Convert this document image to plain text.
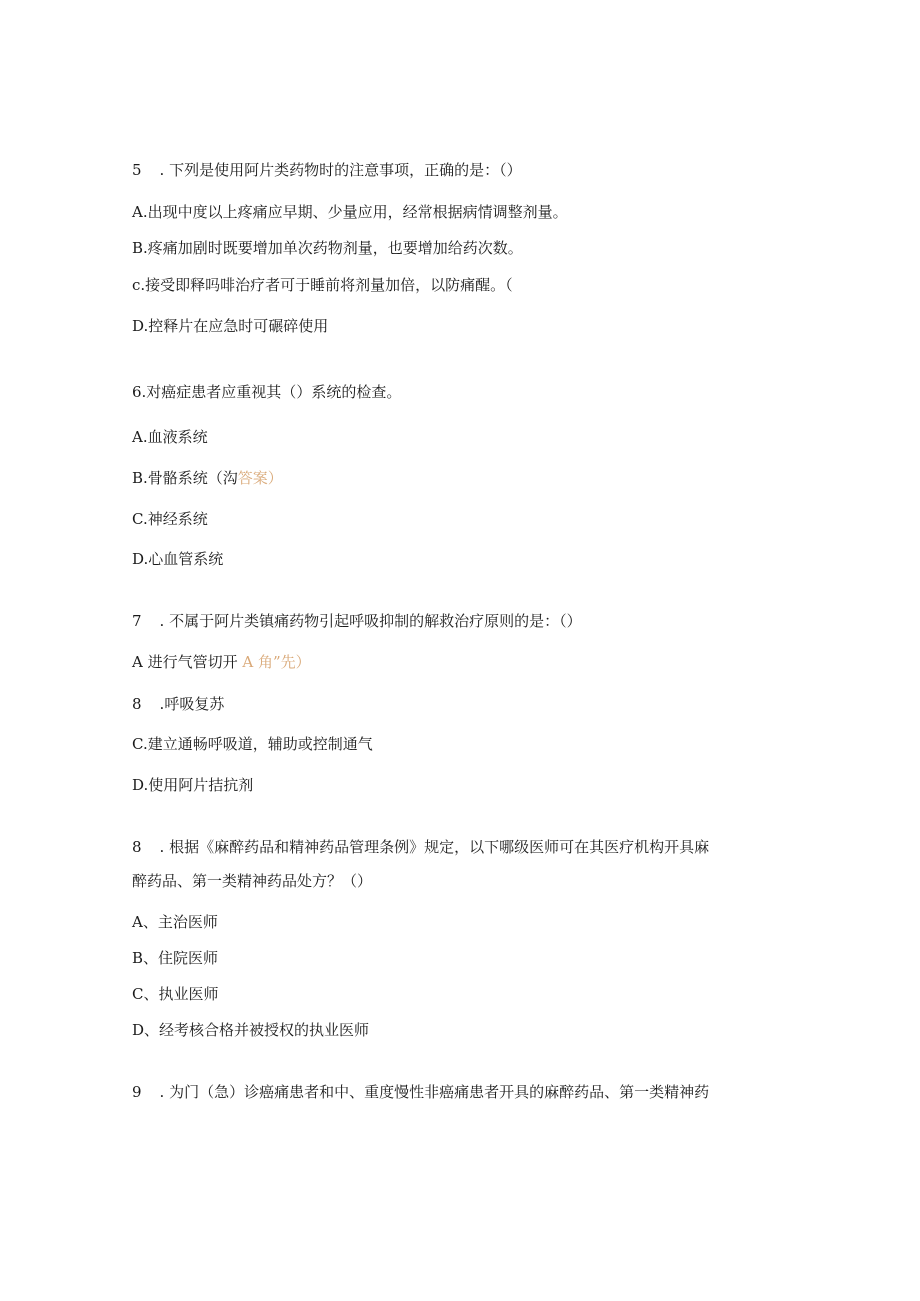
5 . 下列是使用阿片类药物时的注意事项，正确的是：（）
A.出现中度以上疼痛应早期、少量应用，经常根据病情调整剂量。
B.疼痛加剧时既要增加单次药物剂量，也要增加给药次数。
c.接受即释吗啡治疗者可于睡前将剂量加倍，以防痛醒。（
D.控释片在应急时可碾碎使用
6.对癌症患者应重视其（）系统的检查。
A.血液系统
B.骨骼系统（沟答案）
C.神经系统
D.心血管系统
7 . 不属于阿片类镇痛药物引起呼吸抑制的解救治疗原则的是：（）
A 进行气管切开 A 角”先）
8 .呼吸复苏
C.建立通畅呼吸道，辅助或控制通气
D.使用阿片拮抗剂
8 . 根据《麻醉药品和精神药品管理条例》规定，以下哪级医师可在其医疗机构开具麻
醉药品、第一类精神药品处方？（）
A、主治医师
B、住院医师
C、执业医师
D、经考核合格并被授权的执业医师
9 . 为门（急）诊癌痛患者和中、重度慢性非癌痛患者开具的麻醉药品、第一类精神药
